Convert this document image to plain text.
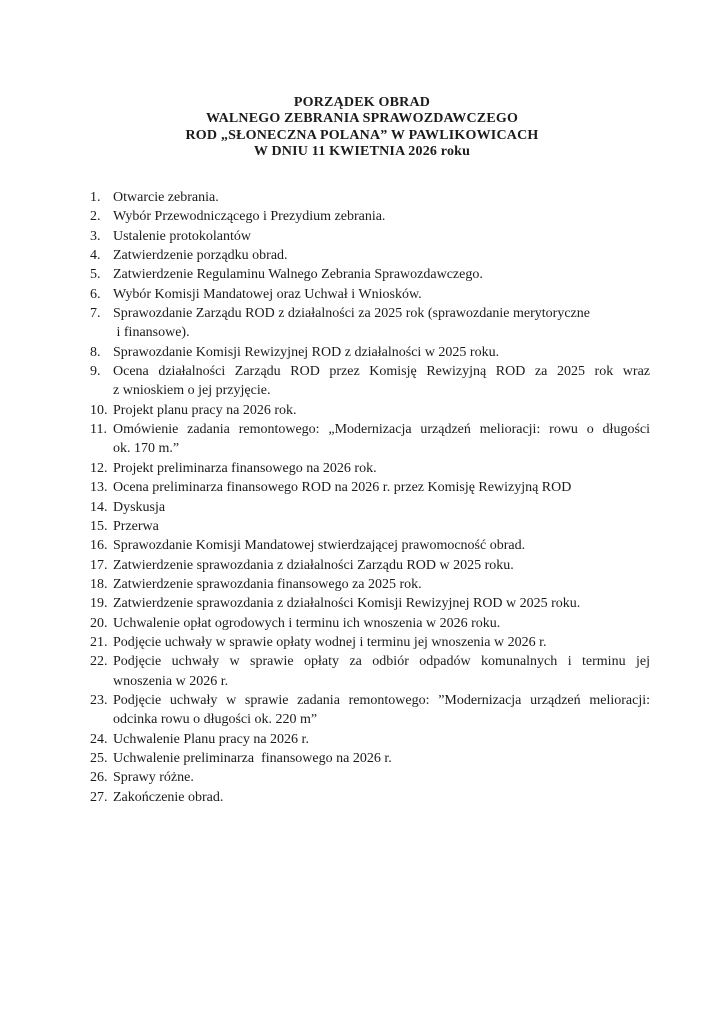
PORZĄDEK OBRAD
WALNEGO ZEBRANIA SPRAWOZDAWCZEGO
ROD „SŁONECZNA POLANA” W PAWLIKOWICACH
W DNIU 11 KWIETNIA 2026 roku
1. Otwarcie zebrania.
2. Wybór Przewodniczącego i Prezydium zebrania.
3. Ustalenie protokolantów
4. Zatwierdzenie porządku obrad.
5. Zatwierdzenie Regulaminu Walnego Zebrania Sprawozdawczego.
6. Wybór Komisji Mandatowej oraz Uchwał i Wniosków.
7. Sprawozdanie Zarządu ROD z działalności za 2025 rok (sprawozdanie merytoryczne
i finansowe).
8. Sprawozdanie Komisji Rewizyjnej ROD z działalności w 2025 roku.
9. Ocena działalności Zarządu ROD przez Komisję Rewizyjną ROD za 2025 rok wraz
z wnioskiem o jej przyjęcie.
10. Projekt planu pracy na 2026 rok.
11. Omówienie zadania remontowego: „Modernizacja urządzeń melioracji: rowu o długości
ok. 170 m.”
12. Projekt preliminarza finansowego na 2026 rok.
13. Ocena preliminarza finansowego ROD na 2026 r. przez Komisję Rewizyjną ROD
14. Dyskusja
15. Przerwa
16. Sprawozdanie Komisji Mandatowej stwierdzającej prawomocność obrad.
17. Zatwierdzenie sprawozdania z działalności Zarządu ROD w 2025 roku.
18. Zatwierdzenie sprawozdania finansowego za 2025 rok.
19. Zatwierdzenie sprawozdania z działalności Komisji Rewizyjnej ROD w 2025 roku.
20. Uchwalenie opłat ogrodowych i terminu ich wnoszenia w 2026 roku.
21. Podjęcie uchwały w sprawie opłaty wodnej i terminu jej wnoszenia w 2026 r.
22. Podjęcie uchwały w sprawie opłaty za odbiór odpadów komunalnych i terminu jej
wnoszenia w 2026 r.
23. Podjęcie uchwały w sprawie zadania remontowego: ”Modernizacja urządzeń melioracji:
odcinka rowu o długości ok. 220 m”
24. Uchwalenie Planu pracy na 2026 r.
25. Uchwalenie preliminarza  finansowego na 2026 r.
26. Sprawy różne.
27. Zakończenie obrad.
